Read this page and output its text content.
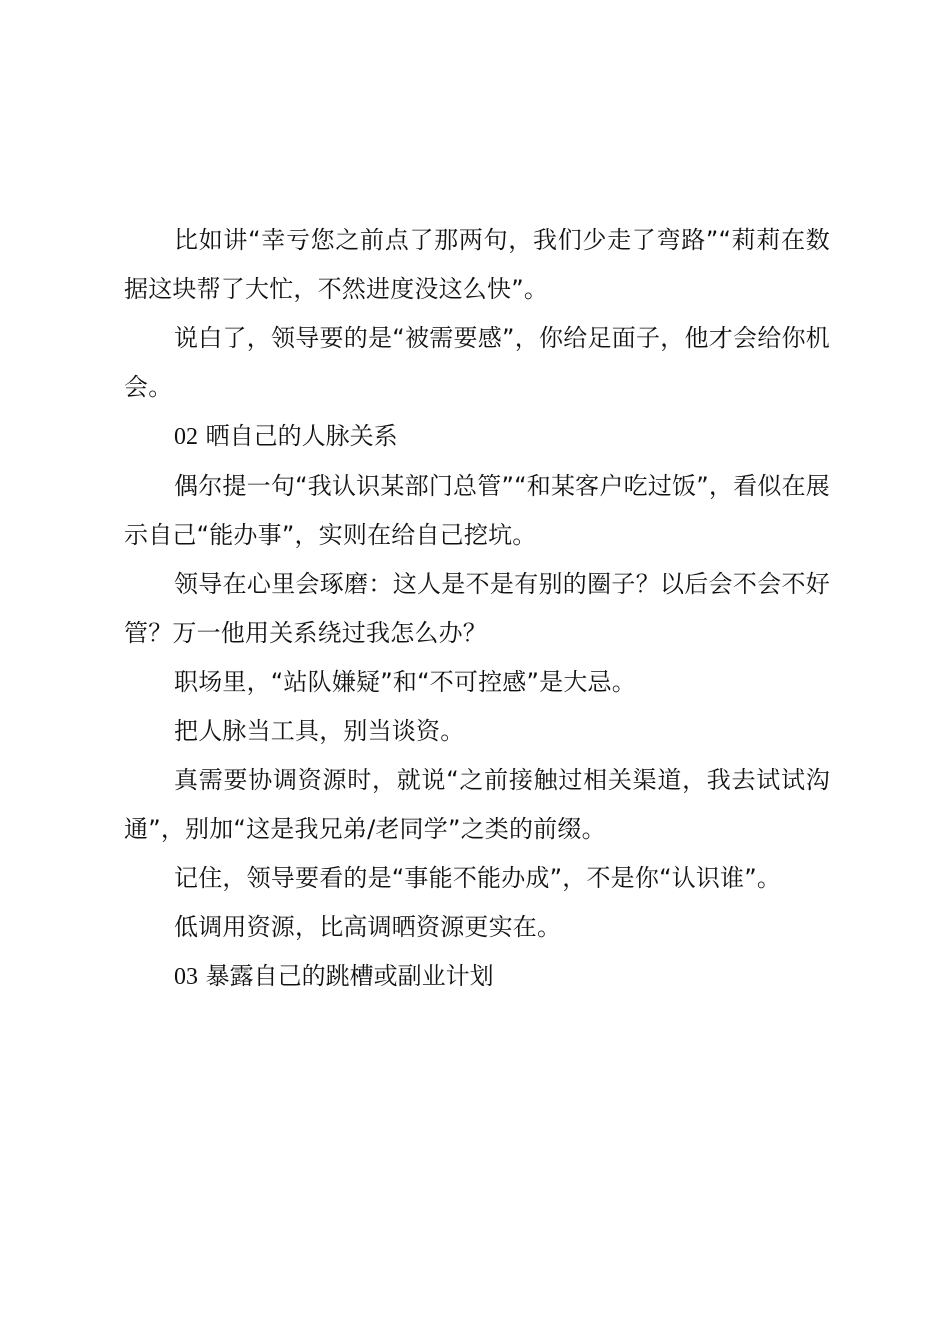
比如讲“幸亏您之前点了那两句，我们少走了弯路”“莉莉在数据这块帮了大忙，不然进度没这么快”。

说白了，领导要的是“被需要感”，你给足面子，他才会给你机会。

02 晒自己的人脉关系

偶尔提一句“我认识某部门总管”“和某客户吃过饭”，看似在展示自己“能办事”，实则在给自己挖坑。

领导在心里会琢磨：这人是不是有别的圈子？以后会不会不好管？万一他用关系绕过我怎么办？

职场里，“站队嫌疑”和“不可控感”是大忌。

把人脉当工具，别当谈资。

真需要协调资源时，就说“之前接触过相关渠道，我去试试沟通”，别加“这是我兄弟/老同学”之类的前缀。

记住，领导要看的是“事能不能办成”，不是你“认识谁”。

低调用资源，比高调晒资源更实在。

03 暴露自己的跳槽或副业计划
